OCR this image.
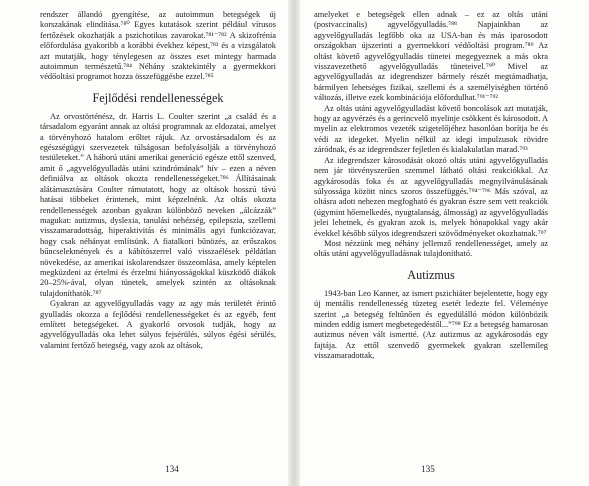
rendszer állandó gyengítése, az autoimmun betegségek új korszakának elindítása.⁷⁸⁰ Egyes kutatások szerint például vírusos fertőzések okozhatják a pszichotikus zavarokat.⁷⁸¹⁻⁷⁸² A skizofrénia előfordulása gyakoribb a korábbi évekhez képest,⁷⁸³ és a vizsgálatok azt mutatják, hogy ténylegesen az összes eset mintegy harmada autoimmun természetű.⁷⁸⁴ Néhány szaktekintély a gyermekkori védőoltási programot hozza összefüggésbe ezzel.⁷⁸⁵

Fejlődési rendellenességek

Az orvostörténész, dr. Harris L. Coulter szerint „a család és a társadalom egyaránt annak az oltási programnak az eldozatai, amelyet a törvényhozó hatalom erőltet rájuk. Az orvostársadalom és az egészségügyi szervezetek túlságosan befolyásolják a törvényhozó testületeket.” A háború utáni amerikai generáció egésze ettől szenved, amit ő „agyvelőgyulladás utáni szindrómának” hív – ezen a néven definiálva az oltások okozta rendellenességeket.⁷⁸⁶ Állításainak alátámasztására Coulter rámutatott, hogy az oltások hosszú távú hatásai többeket érintenek, mint képzelnénk. Az oltás okozta rendellenességek azonban gyakran különböző neveken „álcázzák” magukat: autizmus, dyslexia, tanulási nehézség, epilepszia, szellemi visszamaradottság, hiperaktivitás és minimális agyi funkciózavar, hogy csak néhányat említsünk. A fiatalkori bűnözés, az erőszakos bűncselekmények és a kábítószerrel való visszaélések példátlan növekedése, az amerikai iskolarendszer összeomlása, amely képtelen megküzdeni az értelmi és érzelmi hiányosságokkal küszködő diákok 20–25%-ával, olyan tünetek, amelyek szintén az oltásoknak tulajdoníthatók.⁷⁸⁷

Gyakran az agyvelőgyulladás vagy az agy más területét érintő gyulladás okozza a fejlődési rendellenességeket és az egyéb, fent említett betegségeket. A gyakorló orvosok tudják, hogy az agyvelőgyulladás oka lehet súlyos fejsérülés, súlyos égési sérülés, valamint fertőző betegség, vagy azok az oltások,

134

amelyeket e betegségek ellen adnak – ez az oltás utáni (postvaccinalis) agyvelőgyulladás.⁷⁸⁸ Napjainkban az agyvelőgyulladás legfőbb oka az USA-ban és más iparosodott országokban újszerinti a gyermekkori védőoltási program.⁷⁸⁹ Az oltást követő agyvelőgyulladás tünetei megegyeznek a más okra visszavezethető agyvelőgyulladás tüneteivel.⁷⁹⁰ Mivel az agyvelőgyulladás az idegrendszer bármely részét megtámadhatja, bármilyen lehetséges fizikai, szellemi és a személyiségben történő változás, illetve ezek kombinációja előfordulhat.⁷⁹¹⁻⁷⁹²

Az oltás utáni agyvelőgyulladást kővető boncolások azt mutatják, hogy az agyvérzés és a gerincvelő myelinje csökkent és károsodott. A myelin az elektromos vezeték szigetelőjéhez hasonlóan borítja be és védi az idegeket. Myelin nélkül az idegi impulzusok rövidre záródnak, és az idegrendszer fejletlen és kialakulatlan marad.⁷⁹³

Az idegrendszer károsodását okozó oltás utáni agyvelőgyulladás nem jár törvényszerűen szemmel látható oltási reakciókkal. Az agykárosodás foka és az agyvelőgyulladás megnyilvánulásának súlyossága között nincs szoros összefüggés.⁷⁹⁴⁻⁷⁹⁶ Más szóval, az oltásra adott nehezen megfogható és gyakran észre sem vett reakciók (úgymint hőemelkedés, nyugtalanság, álmosság) az agyvelőgyulladás jelei lehetnek, és gyakran azok is, melyek hónapokkal vagy akár évekkel később súlyos idegrendszeri szövődményeket okozhatnak.⁷⁹⁷

Most nézzünk meg néhány jellemző rendellenességet, amely az oltás utáni agyvelőgyulladásnak tulajdonítható.

Autizmus

1943-ban Leo Kanner, az ismert pszichiáter bejelentette, hogy egy új mentális rendellenesség tüzeteg esetét ledezte fel. Véleménye szerint „a betegség feltűnően és egyedülálló módon különbözik minden eddig ismert megbetegedéstől...”⁷⁹⁸ Ez a betegség hamarosan autizmus néven vált ismertté. (Az autizmus az agykárosodás egy fajtája. Az ettől szenvedő gyermekek gyakran szellemileg visszamaradottak,

135
